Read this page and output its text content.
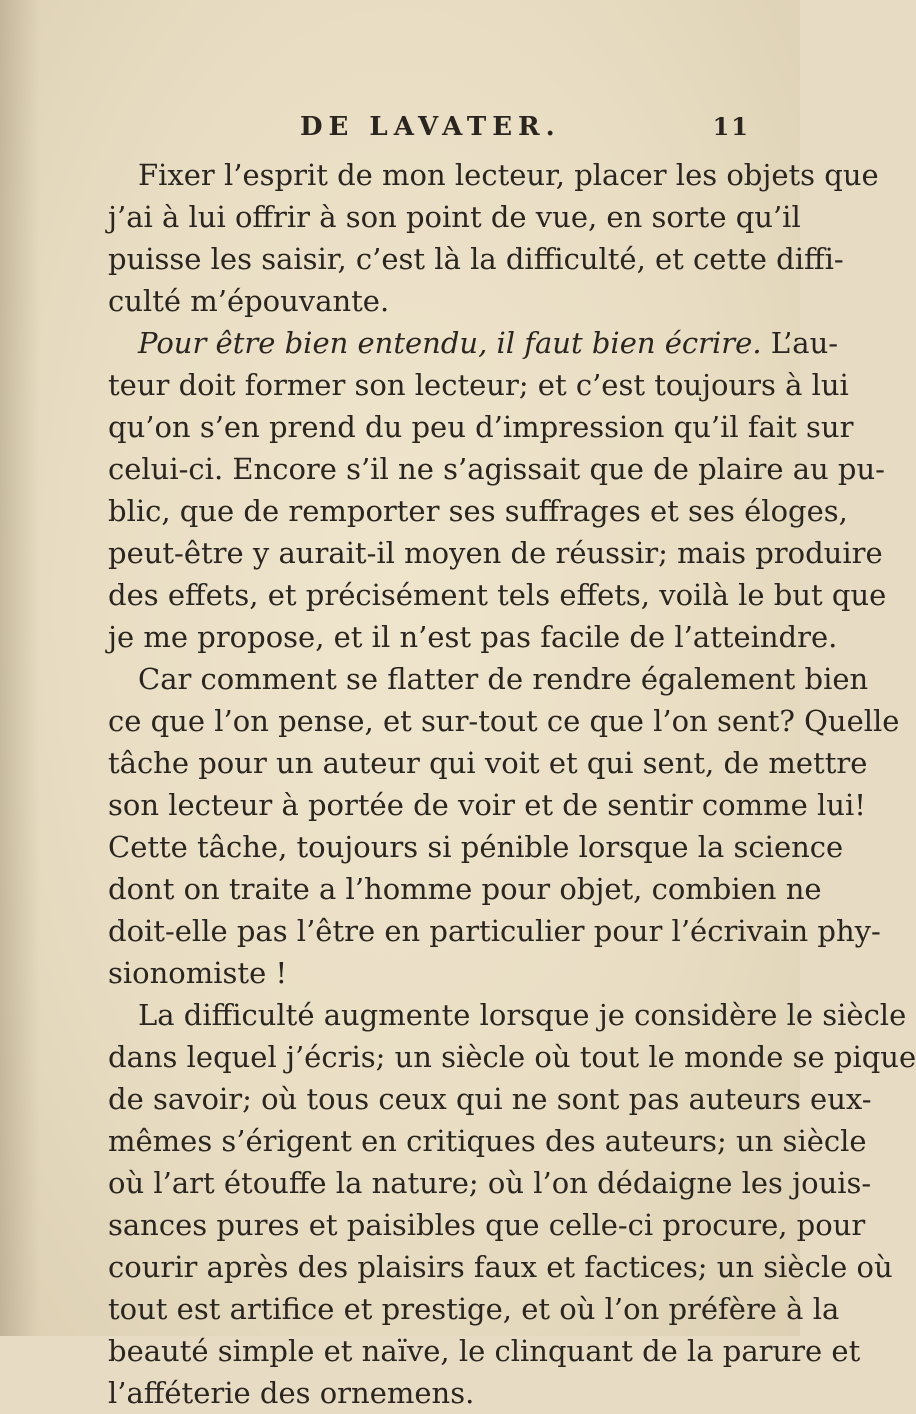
DE LAVATER.	11
Fixer l’esprit de mon lecteur, placer les objets que
j’ai à lui offrir à son point de vue, en sorte qu’il
puisse les saisir, c’est là la difficulté, et cette diffi-
culté m’épouvante.
Pour être bien entendu, il faut bien écrire. L’au-
teur doit former son lecteur; et c’est toujours à lui
qu’on s’en prend du peu d’impression qu’il fait sur
celui-ci. Encore s’il ne s’agissait que de plaire au pu-
blic, que de remporter ses suffrages et ses éloges,
peut-être y aurait-il moyen de réussir; mais produire
des effets, et précisément tels effets, voilà le but que
je me propose, et il n’est pas facile de l’atteindre.
Car comment se flatter de rendre également bien
ce que l’on pense, et sur-tout ce que l’on sent? Quelle
tâche pour un auteur qui voit et qui sent, de mettre
son lecteur à portée de voir et de sentir comme lui!
Cette tâche, toujours si pénible lorsque la science
dont on traite a l’homme pour objet, combien ne
doit-elle pas l’être en particulier pour l’écrivain phy-
sionomiste !
La difficulté augmente lorsque je considère le siècle
dans lequel j’écris; un siècle où tout le monde se pique
de savoir; où tous ceux qui ne sont pas auteurs eux-
mêmes s’érigent en critiques des auteurs; un siècle
où l’art étouffe la nature; où l’on dédaigne les jouis-
sances pures et paisibles que celle-ci procure, pour
courir après des plaisirs faux et factices; un siècle où
tout est artifice et prestige, et où l’on préfère à la
beauté simple et naïve, le clinquant de la parure et
l’afféterie des ornemens.
